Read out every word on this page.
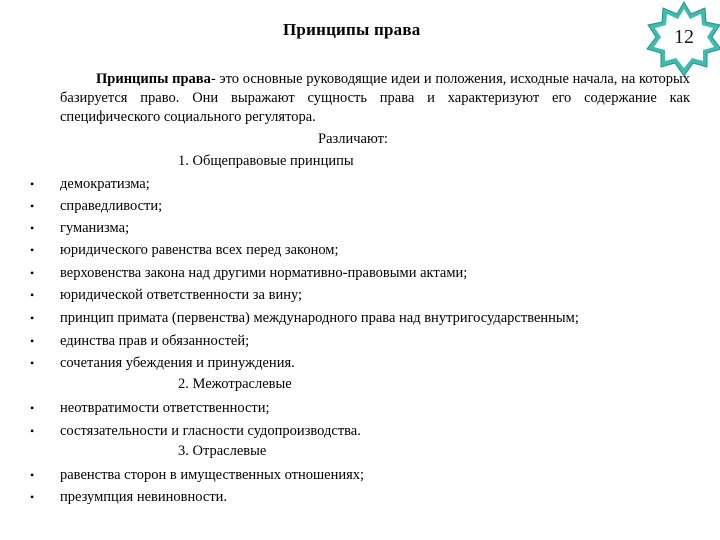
Принципы права	12
Принципы права- это основные руководящие идеи и положения, исходные начала, на которых базируется право. Они выражают сущность права и характеризуют его содержание как специфического социального регулятора.
Различают:
1. Общеправовые принципы
• демократизма;
• справедливости;
• гуманизма;
• юридического равенства всех перед законом;
• верховенства закона над другими нормативно-правовыми актами;
• юридической ответственности за вину;
• принцип примата (первенства) международного права над внутригосударственным;
• единства прав и обязанностей;
• сочетания убеждения и принуждения.
2. Межотраслевые
• неотвратимости ответственности;
• состязательности и гласности судопроизводства.
3. Отраслевые
• равенства сторон в имущественных отношениях;
• презумпция невиновности.
